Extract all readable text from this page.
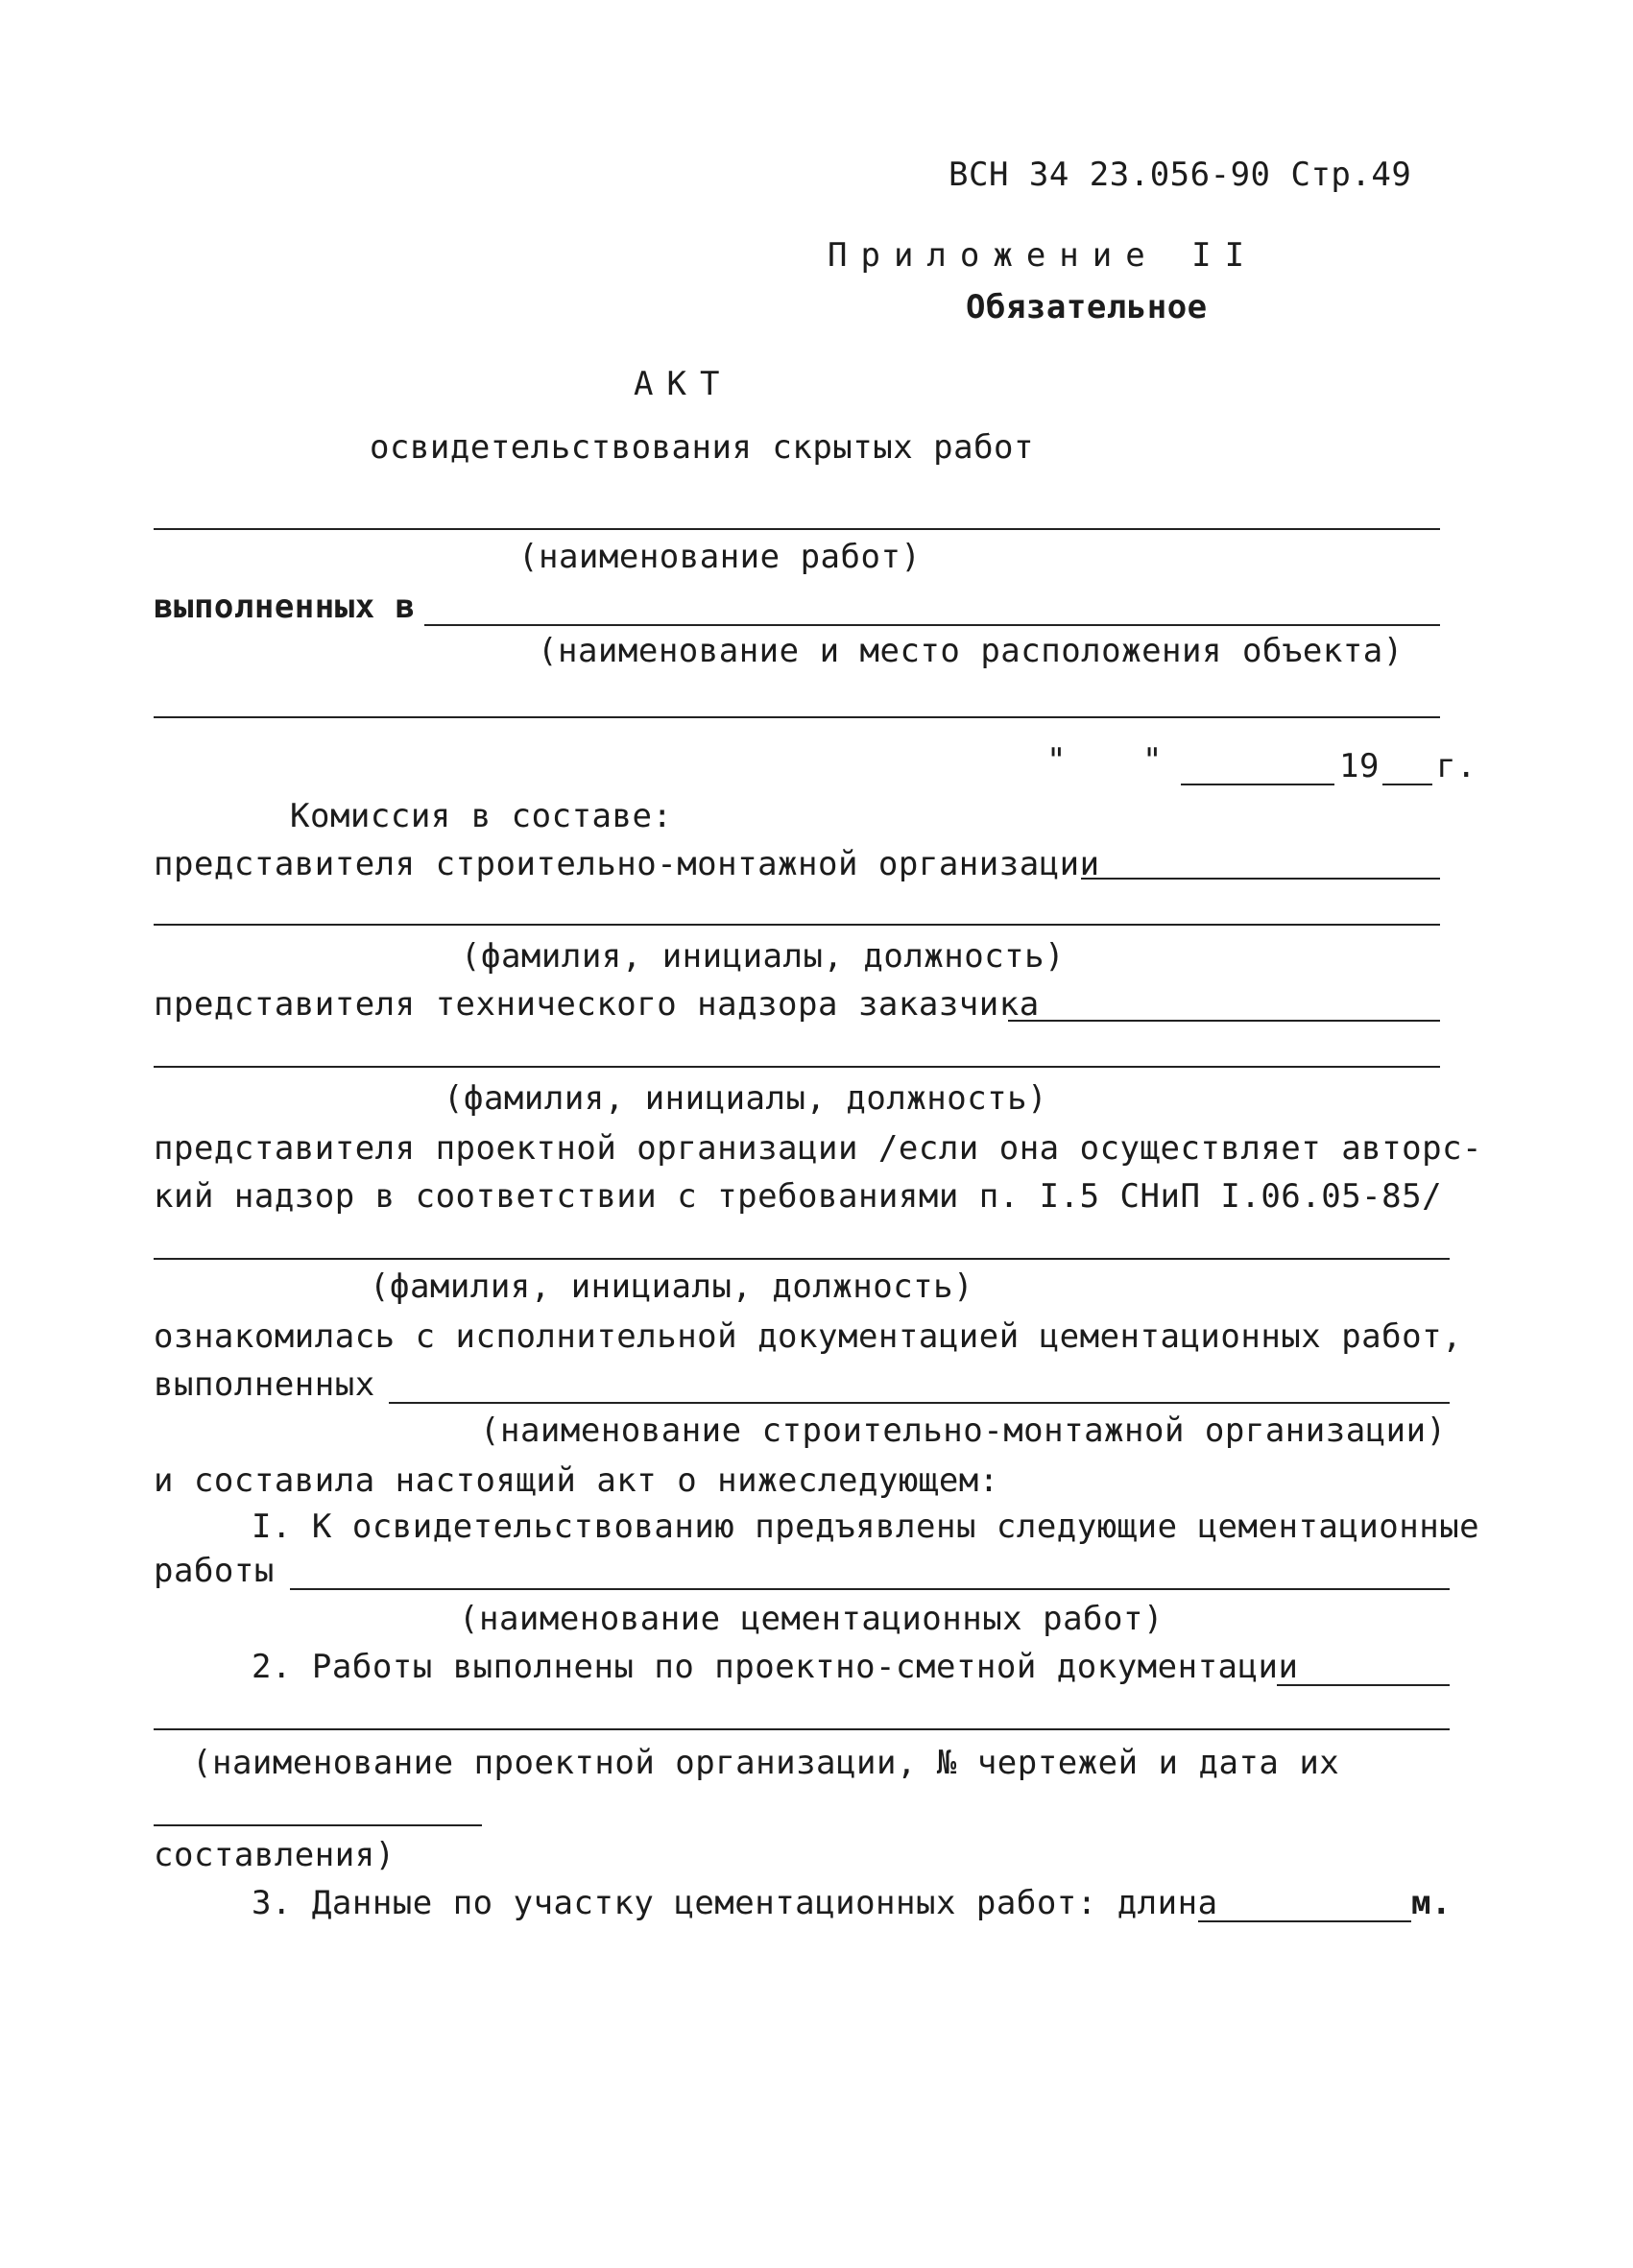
ВСН 34 23.056-90 Стр.49
Приложение II
Обязательное
АКТ
освидетельствования скрытых работ
(наименование работ)
выполненных в
(наименование и место расположения объекта)
" "	19 г.
Комиссия в составе:
представителя строительно-монтажной организации
(фамилия, инициалы, должность)
представителя технического надзора заказчика
(фамилия, инициалы, должность)
представителя проектной организации /если она осуществляет авторс-
кий надзор в соответствии с требованиями п. I.5 СНиП I.06.05-85/
(фамилия, инициалы, должность)
ознакомилась с исполнительной документацией цементационных работ,
выполненных
(наименование строительно-монтажной организации)
и составила настоящий акт о нижеследующем:
I. К освидетельствованию предъявлены следующие цементационные
работы
(наименование цементационных работ)
2. Работы выполнены по проектно-сметной документации
(наименование проектной организации, № чертежей и дата их
составления)
3. Данные по участку цементационных работ: длина	м.
